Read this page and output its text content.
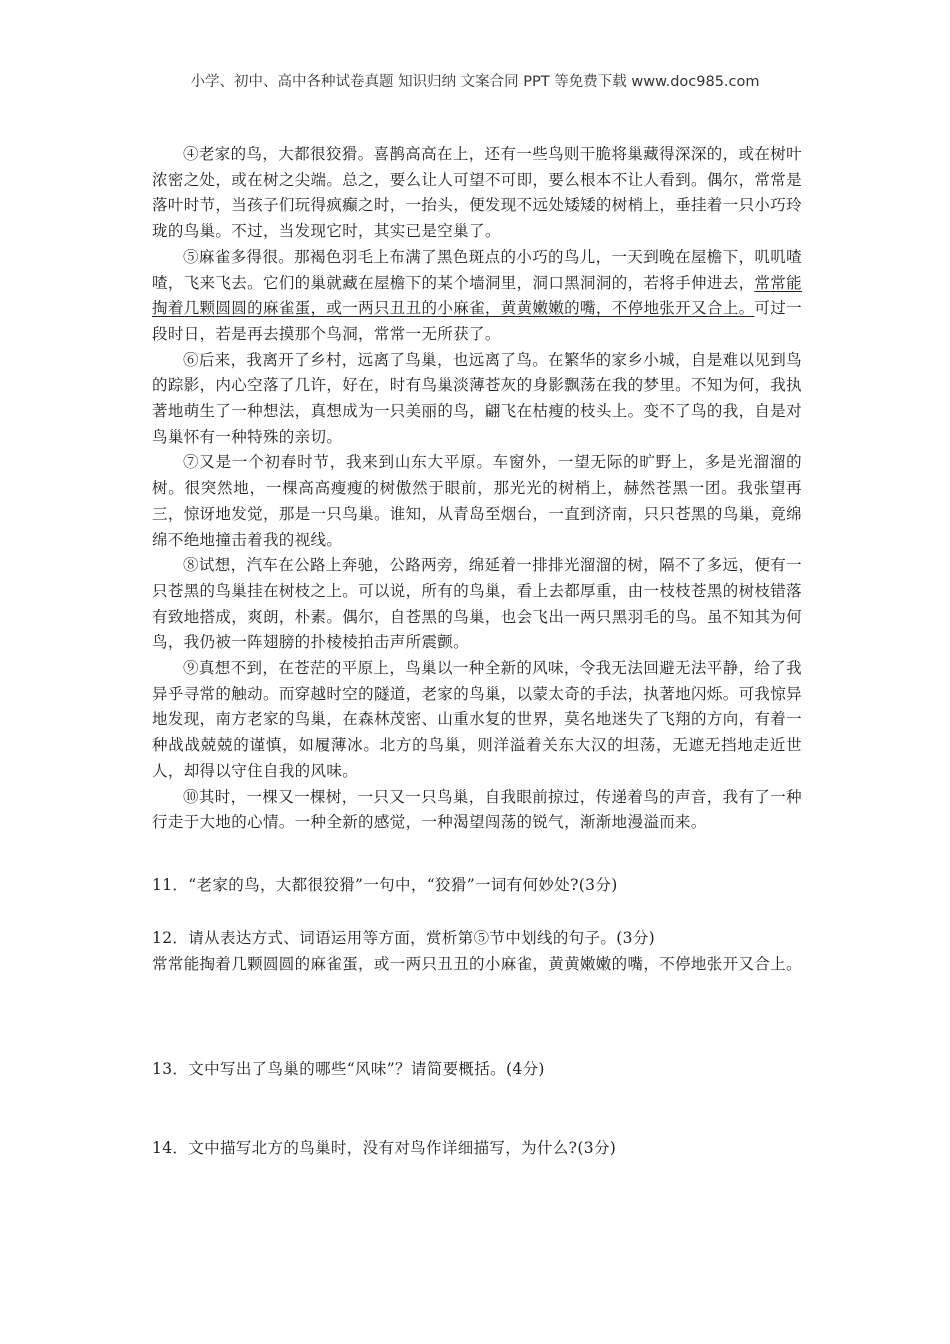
小学、初中、高中各种试卷真题 知识归纳 文案合同 PPT 等免费下载 www.doc985.com

④老家的鸟，大都很狡猾。喜鹊高高在上，还有一些鸟则干脆将巢藏得深深的，或在树叶浓密之处，或在树之尖端。总之，要么让人可望不可即，要么根本不让人看到。偶尔，常常是落叶时节，当孩子们玩得疯癫之时，一抬头，便发现不远处矮矮的树梢上，垂挂着一只小巧玲珑的鸟巢。不过，当发现它时，其实已是空巢了。

⑤麻雀多得很。那褐色羽毛上布满了黑色斑点的小巧的鸟儿，一天到晚在屋檐下，叽叽喳喳，飞来飞去。它们的巢就藏在屋檐下的某个墙洞里，洞口黑洞洞的，若将手伸进去，常常能掏着几颗圆圆的麻雀蛋，或一两只丑丑的小麻雀，黄黄嫩嫩的嘴，不停地张开又合上。可过一段时日，若是再去摸那个鸟洞，常常一无所获了。

⑥后来，我离开了乡村，远离了鸟巢，也远离了鸟。在繁华的家乡小城，自是难以见到鸟的踪影，内心空落了几许，好在，时有鸟巢淡薄苍灰的身影飘荡在我的梦里。不知为何，我执著地萌生了一种想法，真想成为一只美丽的鸟，翩飞在枯瘦的枝头上。变不了鸟的我，自是对鸟巢怀有一种特殊的亲切。

⑦又是一个初春时节，我来到山东大平原。车窗外，一望无际的旷野上，多是光溜溜的树。很突然地，一棵高高瘦瘦的树傲然于眼前，那光光的树梢上，赫然苍黑一团。我张望再三，惊讶地发觉，那是一只鸟巢。谁知，从青岛至烟台，一直到济南，只只苍黑的鸟巢，竟绵绵不绝地撞击着我的视线。

⑧试想，汽车在公路上奔驰，公路两旁，绵延着一排排光溜溜的树，隔不了多远，便有一只苍黑的鸟巢挂在树枝之上。可以说，所有的鸟巢，看上去都厚重，由一枝枝苍黑的树枝错落有致地搭成，爽朗，朴素。偶尔，自苍黑的鸟巢，也会飞出一两只黑羽毛的鸟。虽不知其为何鸟，我仍被一阵翅膀的扑棱棱拍击声所震颤。

⑨真想不到，在苍茫的平原上，鸟巢以一种全新的风味，令我无法回避无法平静，给了我异乎寻常的触动。而穿越时空的隧道，老家的鸟巢，以蒙太奇的手法，执著地闪烁。可我惊异地发现，南方老家的鸟巢，在森林茂密、山重水复的世界，莫名地迷失了飞翔的方向，有着一种战战兢兢的谨慎，如履薄冰。北方的鸟巢，则洋溢着关东大汉的坦荡，无遮无挡地走近世人，却得以守住自我的风味。

⑩其时，一棵又一棵树，一只又一只鸟巢，自我眼前掠过，传递着鸟的声音，我有了一种行走于大地的心情。一种全新的感觉，一种渴望闯荡的锐气，渐渐地漫溢而来。

11．“老家的鸟，大都很狡猾”一句中，“狡猾”一词有何妙处?(3分)

12．请从表达方式、词语运用等方面，赏析第⑤节中划线的句子。(3分)

常常能掏着几颗圆圆的麻雀蛋，或一两只丑丑的小麻雀，黄黄嫩嫩的嘴，不停地张开又合上。

13．文中写出了鸟巢的哪些“风味”？请简要概括。(4分)

14．文中描写北方的鸟巢时，没有对鸟作详细描写，为什么?(3分)
